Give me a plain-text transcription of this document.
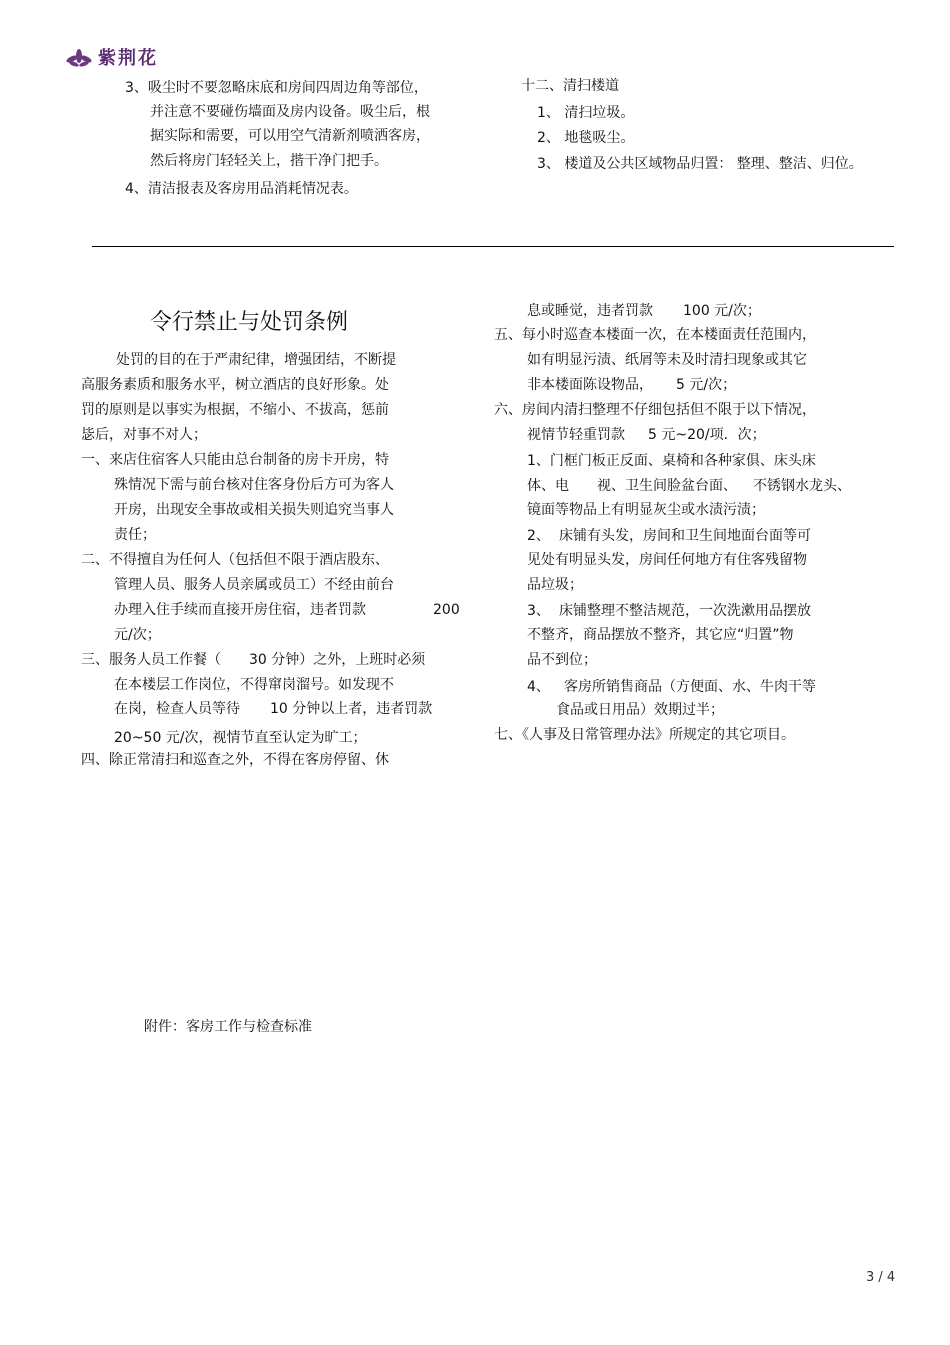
紫荆花
3、吸尘时不要忽略床底和房间四周边角等部位，
并注意不要碰伤墙面及房内设备。吸尘后，根
据实际和需要，可以用空气清新剂喷洒客房，
然后将房门轻轻关上，揩干净门把手。
4、清洁报表及客房用品消耗情况表。
十二、清扫楼道
1、 清扫垃圾。
2、 地毯吸尘。
3、 楼道及公共区域物品归置： 整理、整洁、归位。
令行禁止与处罚条例
处罚的目的在于严肃纪律，增强团结，不断提
高服务素质和服务水平，树立酒店的良好形象。处
罚的原则是以事实为根据，不缩小、不拔高，惩前
毖后，对事不对人；
一、来店住宿客人只能由总台制备的房卡开房，特
殊情况下需与前台核对住客身份后方可为客人
开房，出现安全事故或相关损失则追究当事人
责任；
二、不得擅自为任何人（包括但不限于酒店股东、
管理人员、服务人员亲属或员工）不经由前台
办理入住手续而直接开房住宿，违者罚款	200
元/次；
三、服务人员工作餐（ 30 分钟）之外，上班时必须
在本楼层工作岗位，不得窜岗溜号。如发现不
在岗，检查人员等待 10 分钟以上者，违者罚款
20~50 元/次，视情节直至认定为旷工；
四、除正常清扫和巡查之外，不得在客房停留、休
息或睡觉，违者罚款 100 元/次；
五、每小时巡查本楼面一次，在本楼面责任范围内，
如有明显污渍、纸屑等未及时清扫现象或其它
非本楼面陈设物品， 5 元/次；
六、房间内清扫整理不仔细包括但不限于以下情况，
视情节轻重罚款 5 元~20/项．次；
1、门框门板正反面、桌椅和各种家俱、床头床
体、电 视、卫生间脸盆台面、 不锈钢水龙头、
镜面等物品上有明显灰尘或水渍污渍；
2、 床铺有头发，房间和卫生间地面台面等可
见处有明显头发，房间任何地方有住客残留物
品垃圾；
3、 床铺整理不整洁规范，一次洗漱用品摆放
不整齐，商品摆放不整齐，其它应“归置”物
品不到位；
4、 客房所销售商品（方便面、水、牛肉干等
食品或日用品）效期过半；
七、《人事及日常管理办法》所规定的其它项目。
附件：客房工作与检查标准
3 / 4
